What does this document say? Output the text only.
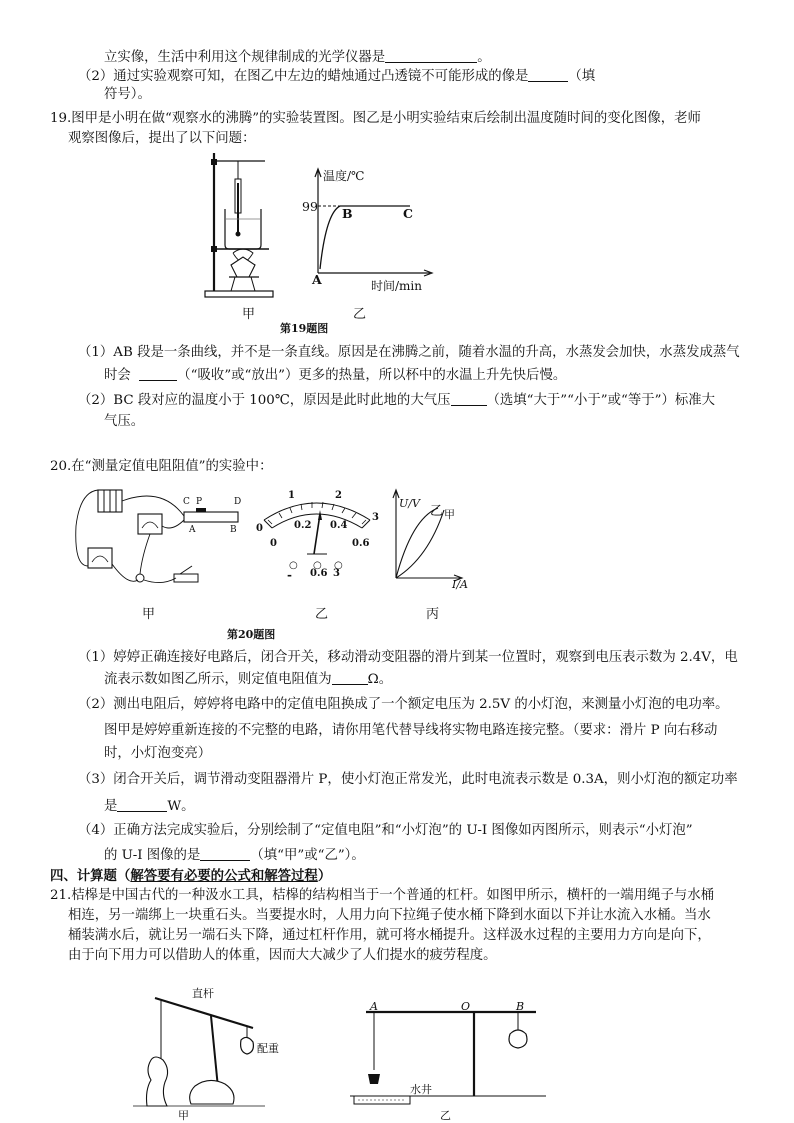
立实像，生活中利用这个规律制成的光学仪器是	。
（2）通过实验观察可知，在图乙中左边的蜡烛通过凸透镜不可能形成的像是	（填
符号）。
19.图甲是小明在做“观察水的沸腾”的实验装置图。图乙是小明实验结束后绘制出温度随时间的变化图像，老师
观察图像后，提出了以下问题：
甲
温度/℃
99
A
B	C
时间/min
乙
第19题图
（1）AB 段是一条曲线，并不是一条直线。原因是在沸腾之前，随着水温的升高，水蒸发会加快，水蒸发成蒸气
时会	（“吸收”或“放出”）更多的热量，所以杯中的水温上升先快后慢。
（2）BC 段对应的温度小于 100℃，原因是此时此地的大气压	（选填“大于”“小于”或“等于”）标准大
气压。
20.在“测量定值电阻阻值”的实验中：
C P	D
A	B
甲
0
1	2
3
0
0.2 0.4
0.6
○ ○ ○
- 0.6 3
乙
U/V
乙 甲
I/A
丙
第20题图
（1）婷婷正确连接好电路后，闭合开关，移动滑动变阻器的滑片到某一位置时，观察到电压表示数为 2.4V，电
流表示数如图乙所示，则定值电阻值为	Ω。
（2）测出电阻后，婷婷将电路中的定值电阻换成了一个额定电压为 2.5V 的小灯泡，来测量小灯泡的电功率。
图甲是婷婷重新连接的不完整的电路，请你用笔代替导线将实物电路连接完整。（要求：滑片 P 向右移动
时，小灯泡变亮）
（3）闭合开关后，调节滑动变阻器滑片 P，使小灯泡正常发光，此时电流表示数是 0.3A，则小灯泡的额定功率
是	W。
（4）正确方法完成实验后，分别绘制了“定值电阻”和“小灯泡”的 U-I 图像如丙图所示，则表示“小灯泡”
的 U-I 图像的是	（填“甲”或“乙”）。
四、计算题（解答要有必要的公式和解答过程）
21.桔槔是中国古代的一种汲水工具，桔槔的结构相当于一个普通的杠杆。如图甲所示，横杆的一端用绳子与水桶
相连，另一端绑上一块重石头。当要提水时，人用力向下拉绳子使水桶下降到水面以下并让水流入水桶。当水
桶装满水后，就让另一端石头下降，通过杠杆作用，就可将水桶提升。这样汲水过程的主要用力方向是向下，
由于向下用力可以借助人的体重，因而大大减少了人们提水的疲劳程度。
直杆
配重
甲
A	O	B
水井
乙
